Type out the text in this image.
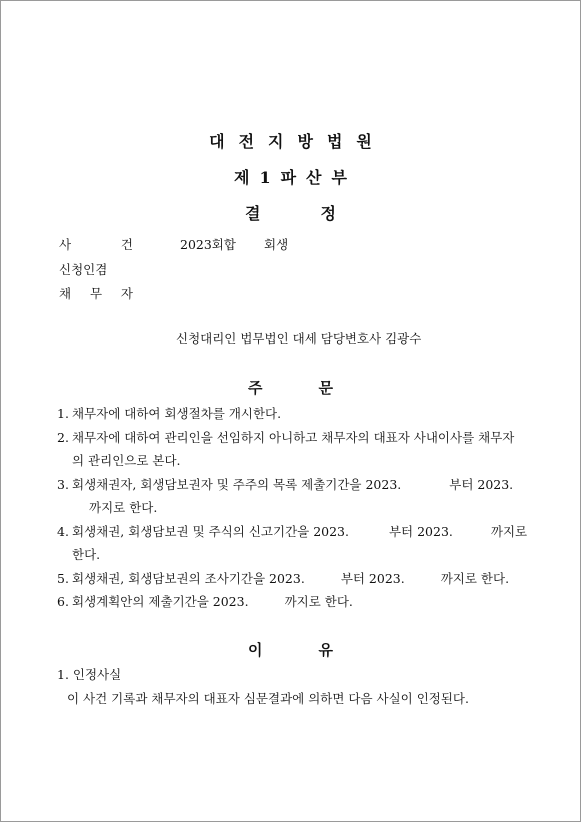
대전지방법원
제1파산부
결	정
사 건	2023회합 회생
신청인겸
채 무 자
신청대리인 법무법인 대세 담당변호사 김광수
주	문
1. 채무자에 대하여 회생절차를 개시한다.
2. 채무자에 대하여 관리인을 선임하지 아니하고 채무자의 대표자 사내이사를 채무자
의 관리인으로 본다.
3. 회생채권자, 회생담보권자 및 주주의 목록 제출기간을 2023.	부터 2023.
까지로 한다.
4. 회생채권, 회생담보권 및 주식의 신고기간을 2023.	부터 2023.	까지로
한다.
5. 회생채권, 회생담보권의 조사기간을 2023.	부터 2023.	까지로 한다.
6. 회생계획안의 제출기간을 2023.	까지로 한다.
이	유
1. 인정사실
이 사건 기록과 채무자의 대표자 심문결과에 의하면 다음 사실이 인정된다.
